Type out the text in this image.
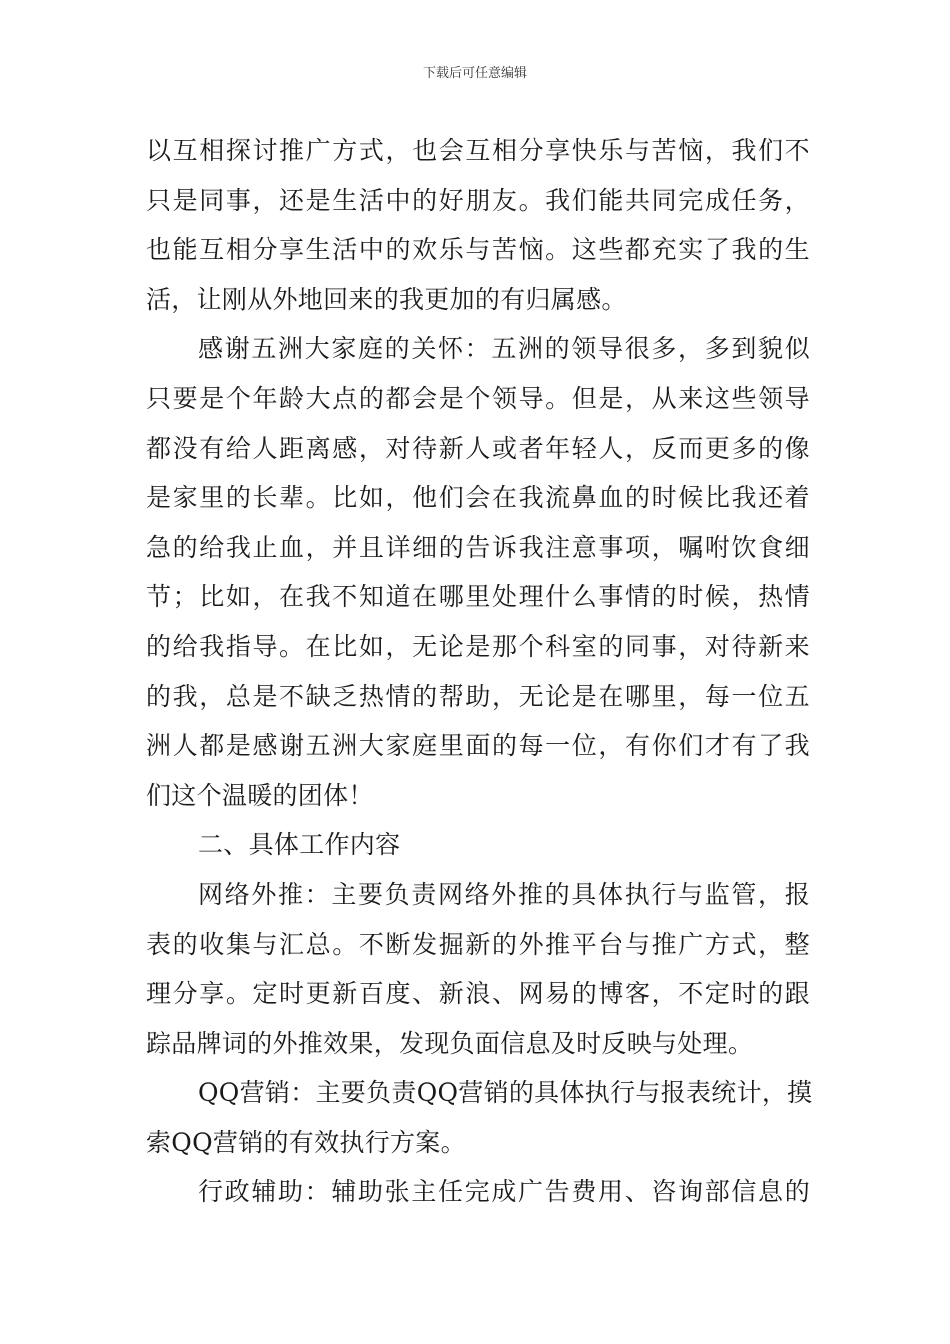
下载后可任意编辑
以互相探讨推广方式，也会互相分享快乐与苦恼，我们不
只是同事，还是生活中的好朋友。我们能共同完成任务，
也能互相分享生活中的欢乐与苦恼。这些都充实了我的生
活，让刚从外地回来的我更加的有归属感。
感谢五洲大家庭的关怀：五洲的领导很多，多到貌似
只要是个年龄大点的都会是个领导。但是，从来这些领导
都没有给人距离感，对待新人或者年轻人，反而更多的像
是家里的长辈。比如，他们会在我流鼻血的时候比我还着
急的给我止血，并且详细的告诉我注意事项，嘱咐饮食细
节；比如，在我不知道在哪里处理什么事情的时候，热情
的给我指导。在比如，无论是那个科室的同事，对待新来
的我，总是不缺乏热情的帮助，无论是在哪里，每一位五
洲人都是感谢五洲大家庭里面的每一位，有你们才有了我
们这个温暖的团体！
二、具体工作内容
网络外推：主要负责网络外推的具体执行与监管，报
表的收集与汇总。不断发掘新的外推平台与推广方式，整
理分享。定时更新百度、新浪、网易的博客，不定时的跟
踪品牌词的外推效果，发现负面信息及时反映与处理。
QQ营销：主要负责QQ营销的具体执行与报表统计，摸
索QQ营销的有效执行方案。
行政辅助：辅助张主任完成广告费用、咨询部信息的
